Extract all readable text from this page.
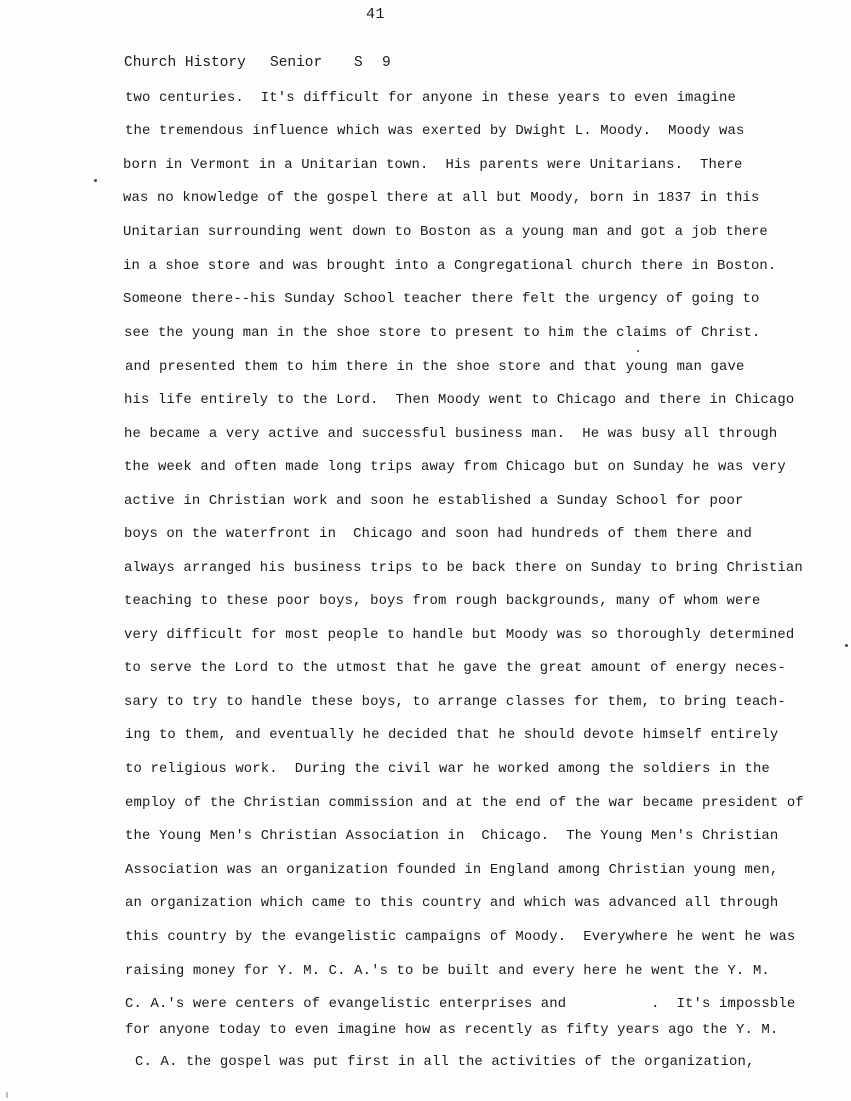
41
Church History Senior S 9
two centuries.  It's difficult for anyone in these years to even imagine
the tremendous influence which was exerted by Dwight L. Moody.  Moody was
born in Vermont in a Unitarian town.  His parents were Unitarians.  There
was no knowledge of the gospel there at all but Moody, born in 1837 in this
Unitarian surrounding went down to Boston as a young man and got a job there
in a shoe store and was brought into a Congregational church there in Boston.
Someone there--his Sunday School teacher there felt the urgency of going to
see the young man in the shoe store to present to him the claims of Christ.
and presented them to him there in the shoe store and that young man gave
his life entirely to the Lord.  Then Moody went to Chicago and there in Chicago
he became a very active and successful business man.  He was busy all through
the week and often made long trips away from Chicago but on Sunday he was very
active in Christian work and soon he established a Sunday School for poor
boys on the waterfront in  Chicago and soon had hundreds of them there and
always arranged his business trips to be back there on Sunday to bring Christian
teaching to these poor boys, boys from rough backgrounds, many of whom were
very difficult for most people to handle but Moody was so thoroughly determined
to serve the Lord to the utmost that he gave the great amount of energy neces-
sary to try to handle these boys, to arrange classes for them, to bring teach-
ing to them, and eventually he decided that he should devote himself entirely
to religious work.  During the civil war he worked among the soldiers in the
employ of the Christian commission and at the end of the war became president of
the Young Men's Christian Association in  Chicago.  The Young Men's Christian
Association was an organization founded in England among Christian young men,
an organization which came to this country and which was advanced all through
this country by the evangelistic campaigns of Moody.  Everywhere he went he was
raising money for Y. M. C. A.'s to be built and every here he went the Y. M.
C. A.'s were centers of evangelistic enterprises and          .  It's impossble
for anyone today to even imagine how as recently as fifty years ago the Y. M.
C. A. the gospel was put first in all the activities of the organization,
